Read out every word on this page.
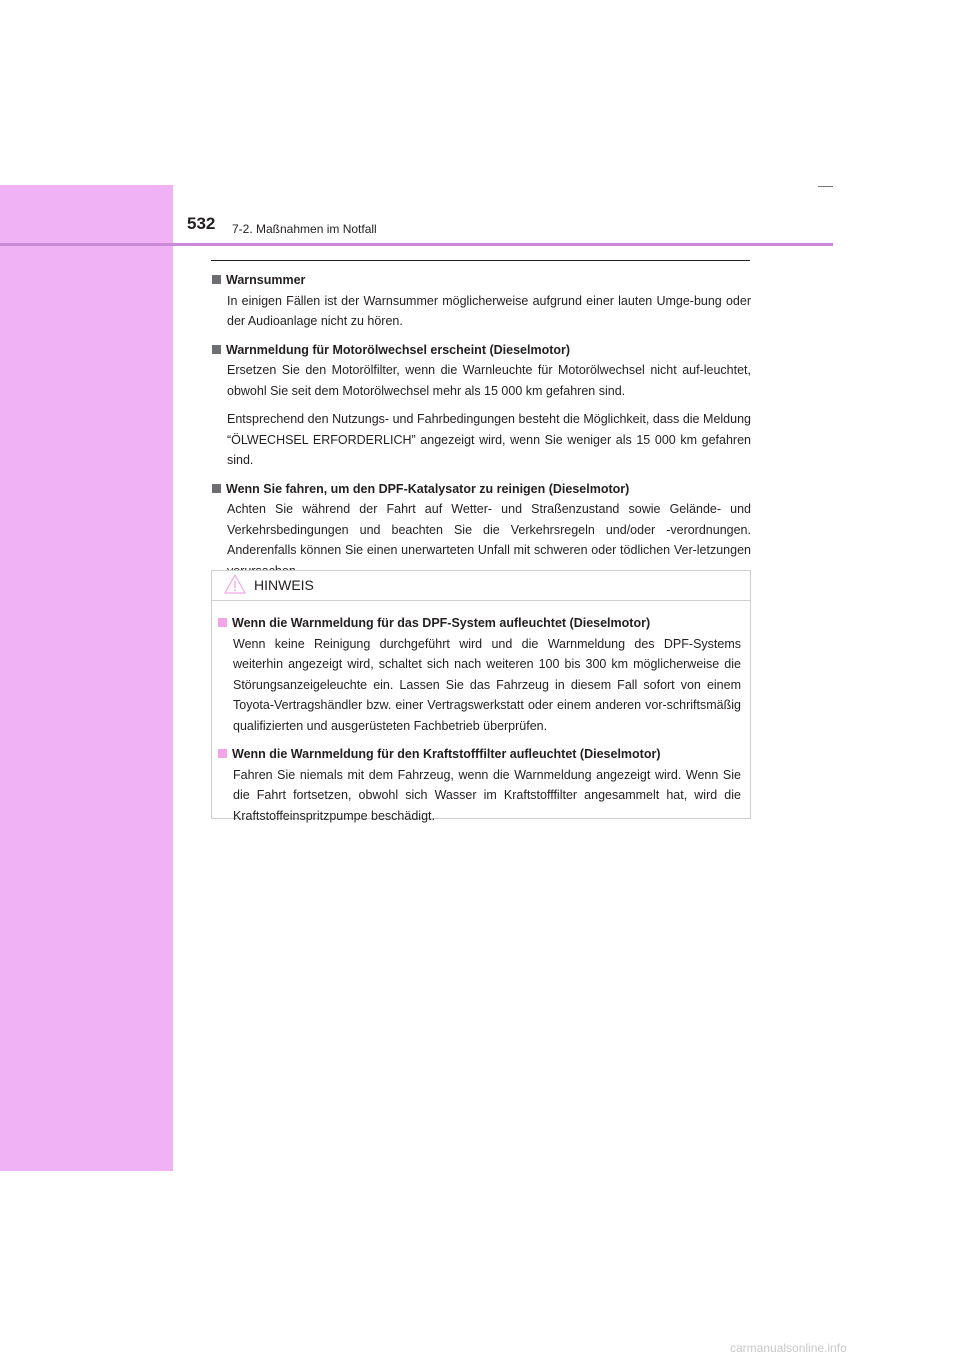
532 7-2. Maßnahmen im Notfall

Warnsummer

In einigen Fällen ist der Warnsummer möglicherweise aufgrund einer lauten Umge-bung oder der Audioanlage nicht zu hören.

Warnmeldung für Motorölwechsel erscheint (Dieselmotor)

Ersetzen Sie den Motorölfilter, wenn die Warnleuchte für Motorölwechsel nicht auf-leuchtet, obwohl Sie seit dem Motorölwechsel mehr als 15 000 km gefahren sind.

Entsprechend den Nutzungs- und Fahrbedingungen besteht die Möglichkeit, dass die Meldung “ÖLWECHSEL ERFORDERLICH” angezeigt wird, wenn Sie weniger als 15 000 km gefahren sind.

Wenn Sie fahren, um den DPF-Katalysator zu reinigen (Dieselmotor)

Achten Sie während der Fahrt auf Wetter- und Straßenzustand sowie Gelände- und Verkehrsbedingungen und beachten Sie die Verkehrsregeln und/oder -verordnungen. Anderenfalls können Sie einen unerwarteten Unfall mit schweren oder tödlichen Ver-letzungen

HINWEIS

Wenn die Warnmeldung für das DPF-System aufleuchtet (Dieselmotor)

Wenn keine Reinigung durchgeführt wird und die Warnmeldung des DPF-Systems weiterhin angezeigt wird, schaltet sich nach weiteren 100 bis 300 km möglicherweise die Störungsanzeigeleuchte ein. Lassen Sie das Fahrzeug in diesem Fall sofort von einem Toyota-Vertragshändler bzw. einer Vertragswerkstatt oder einem anderen vor-schriftsmäßig qualifizierten und ausgerüsteten Fachbetrieb überprüfen.

Wenn die Warnmeldung für den Kraftstofffilter aufleuchtet (Dieselmotor)

Fahren Sie niemals mit dem Fahrzeug, wenn die Warnmeldung angezeigt wird. Wenn Sie die Fahrt fortsetzen, obwohl sich Wasser im Kraftstofffilter angesammelt hat, wird die Kraftstoffeinspritzpumpe beschädigt.

carmanualsonline.info
